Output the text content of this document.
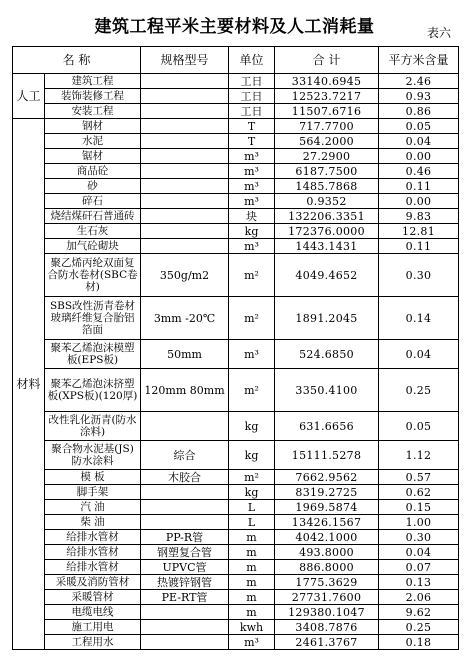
建筑工程平米主要材料及人工消耗量	表六
名 称		规格型号	单位	合 计	平方米含量
人工	建筑工程		工日	33140.6945	2.46
	装饰装修工程		工日	12523.7217	0.93
	安装工程		工日	11507.6716	0.86
材料	钢材		T	717.7700	0.05
	水泥		T	564.2000	0.04
	锯材		m³	27.2900	0.00
	商品砼		m³	6187.7500	0.46
	砂		m³	1485.7868	0.11
	碎石		m³	0.9352	0.00
	烧结煤矸石普通砖		块	132206.3351	9.83
	生石灰		kg	172376.0000	12.81
	加气砼砌块		m³	1443.1431	0.11
	聚乙烯丙纶双面复合防水卷材(SBC卷材)	350g/m2	m²	4049.4652	0.30
	SBS改性沥青卷材玻璃纤维复合胎铝箔面	3mm -20℃	m²	1891.2045	0.14
	聚苯乙烯泡沫模塑板(EPS板)	50mm	m³	524.6850	0.04
	聚苯乙烯泡沫挤塑板(XPS板)(120厚)	120mm 80mm	m²	3350.4100	0.25
	改性乳化沥青(防水涂料)		kg	631.6656	0.05
	聚合物水泥基(JS)防水涂料	综合	kg	15111.5278	1.12
	模 板	木胶合	m²	7662.9562	0.57
	脚手架		kg	8319.2725	0.62
	汽 油		L	1969.5874	0.15
	柴 油		L	13426.1567	1.00
	给排水管材	PP-R管	m	4042.1000	0.30
	给排水管材	钢塑复合管	m	493.8000	0.04
	给排水管材	UPVC管	m	886.8000	0.07
	采暖及消防管材	热镀锌钢管	m	1775.3629	0.13
	采暖管材	PE-RT管	m	27731.7600	2.06
	电缆电线		m	129380.1047	9.62
	施工用电		kwh	3408.7876	0.25
	工程用水		m³	2461.3767	0.18
